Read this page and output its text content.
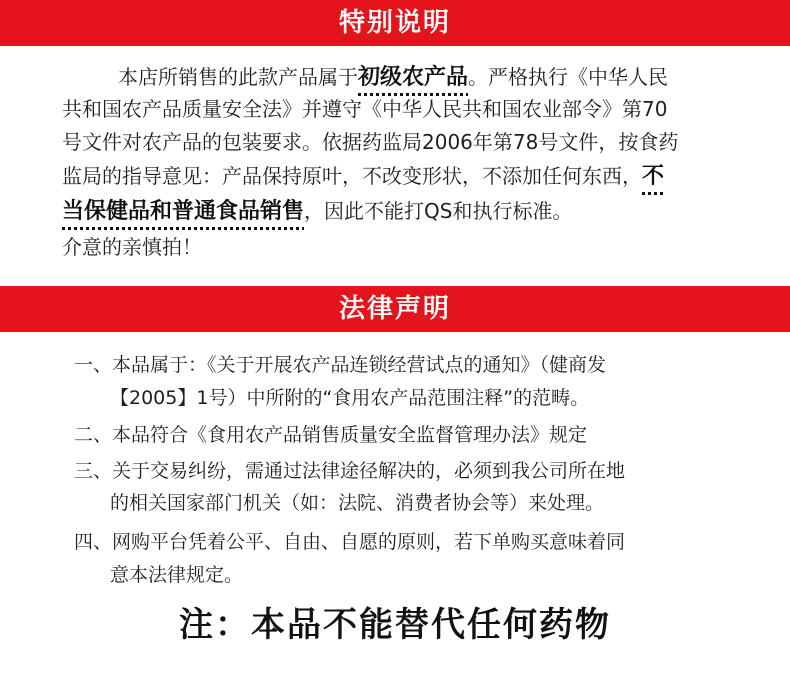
特别说明
本店所销售的此款产品属于初级农产品。严格执行《中华人民
共和国农产品质量安全法》并遵守《中华人民共和国农业部令》第70
号文件对农产品的包装要求。依据药监局2006年第78号文件，按食药
监局的指导意见：产品保持原叶，不改变形状，不添加任何东西，不
当保健品和普通食品销售，因此不能打QS和执行标准。
介意的亲慎拍！
法律声明
一、本品属于：《关于开展农产品连锁经营试点的通知》（健商发
【2005】1号）中所附的“食用农产品范围注释”的范畴。
二、本品符合《食用农产品销售质量安全监督管理办法》规定
三、关于交易纠纷，需通过法律途径解决的，必须到我公司所在地
的相关国家部门机关（如：法院、消费者协会等）来处理。
四、网购平台凭着公平、自由、自愿的原则，若下单购买意味着同
意本法律规定。
注：本品不能替代任何药物
